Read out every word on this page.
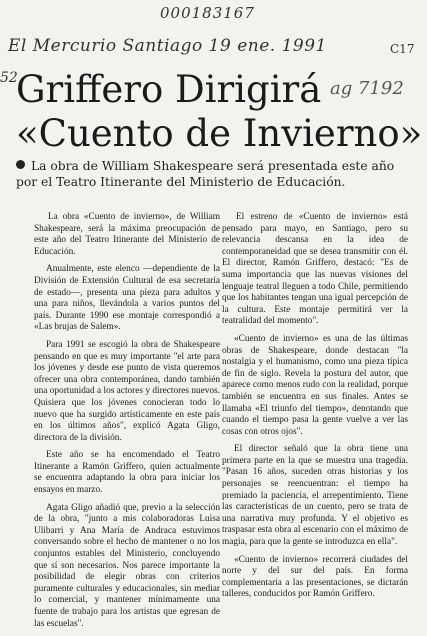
000183167
El Mercurio Santiago 19 ene. 1991	C17
52	ag 7192
Griffero Dirigirá
«Cuento de Invierno»
La obra de William Shakespeare será presentada este año por el Teatro Itinerante del Ministerio de Educación.

La obra «Cuento de invierno», de William Shakespeare, será la máxima preocupación de este año del Teatro Itinerante del Ministerio de Educación.

Anualmente, este elenco —dependiente de la División de Extensión Cultural de esa secretaría de estado—, presenta una pieza para adultos y una para niños, llevándola a varios puntos del país. Durante 1990 ese montaje correspondió a «Las brujas de Salem».

Para 1991 se escogió la obra de Shakespeare pensando en que es muy importante "el arte para los jóvenes y desde ese punto de vista queremos ofrecer una obra contemporánea, dando también una oportunidad a los actores y directores nuevos. Quisiera que los jóvenes conocieran todo lo nuevo que ha surgido artísticamente en este país en los últimos años", explicó Agata Gligo, directora de la división.

Este año se ha encomendado el Teatro Itinerante a Ramón Griffero, quien actualmente se encuentra adaptando la obra para iniciar los ensayos en marzo.

Agata Gligo añadió que, previo a la selección de la obra, "junto a mis colaboradoras Luisa Ulibarri y Ana María de Andraca estuvimos conversando sobre el hecho de mantener o no los conjuntos estables del Ministerio, concluyendo que sí son necesarios. Nos parece importante la posibilidad de elegir obras con criterios puramente culturales y educacionales, sin mediar lo comercial, y mantener mínimamente una fuente de trabajo para los artistas que egresan de las escuelas".

El estreno de «Cuento de invierno» está pensado para mayo, en Santiago, pero su relevancia descansa en la idea de contemporaneidad que se desea transmitir con él. El director, Ramón Griffero, destacó: "Es de suma importancia que las nuevas visiones del lenguaje teatral lleguen a todo Chile, permitiendo que los habitantes tengan una igual percepción de la cultura. Este montaje permitirá ver la teatralidad del momento".

«Cuento de invierno» es una de las últimas obras de Shakespeare, donde destacan "la nostalgia y el humanismo, como una pieza típica de fin de siglo. Revela la postura del autor, que aparece como menos rudo con la realidad, porque también se encuentra en sus finales. Antes se llamaba «El triunfo del tiempo», denotando que cuando el tiempo pasa la gente vuelve a ver las cosas con otros ojos".

El director señaló que la obra tiene una primera parte en la que se muestra una tragedia. "Pasan 16 años, suceden otras historias y los personajes se reencuentran: el tiempo ha premiado la paciencia, el arrepentimiento. Tiene las características de un cuento, pero se trata de una narrativa muy profunda. Y el objetivo es traspasar esta obra al escenario con el máximo de magia, para que la gente se introduzca en ella".

«Cuento de invierno» recorrerá ciudades del norte y del sur del país. En forma complementaria a las presentaciones, se dictarán talleres, conducidos por Ramón Griffero.
